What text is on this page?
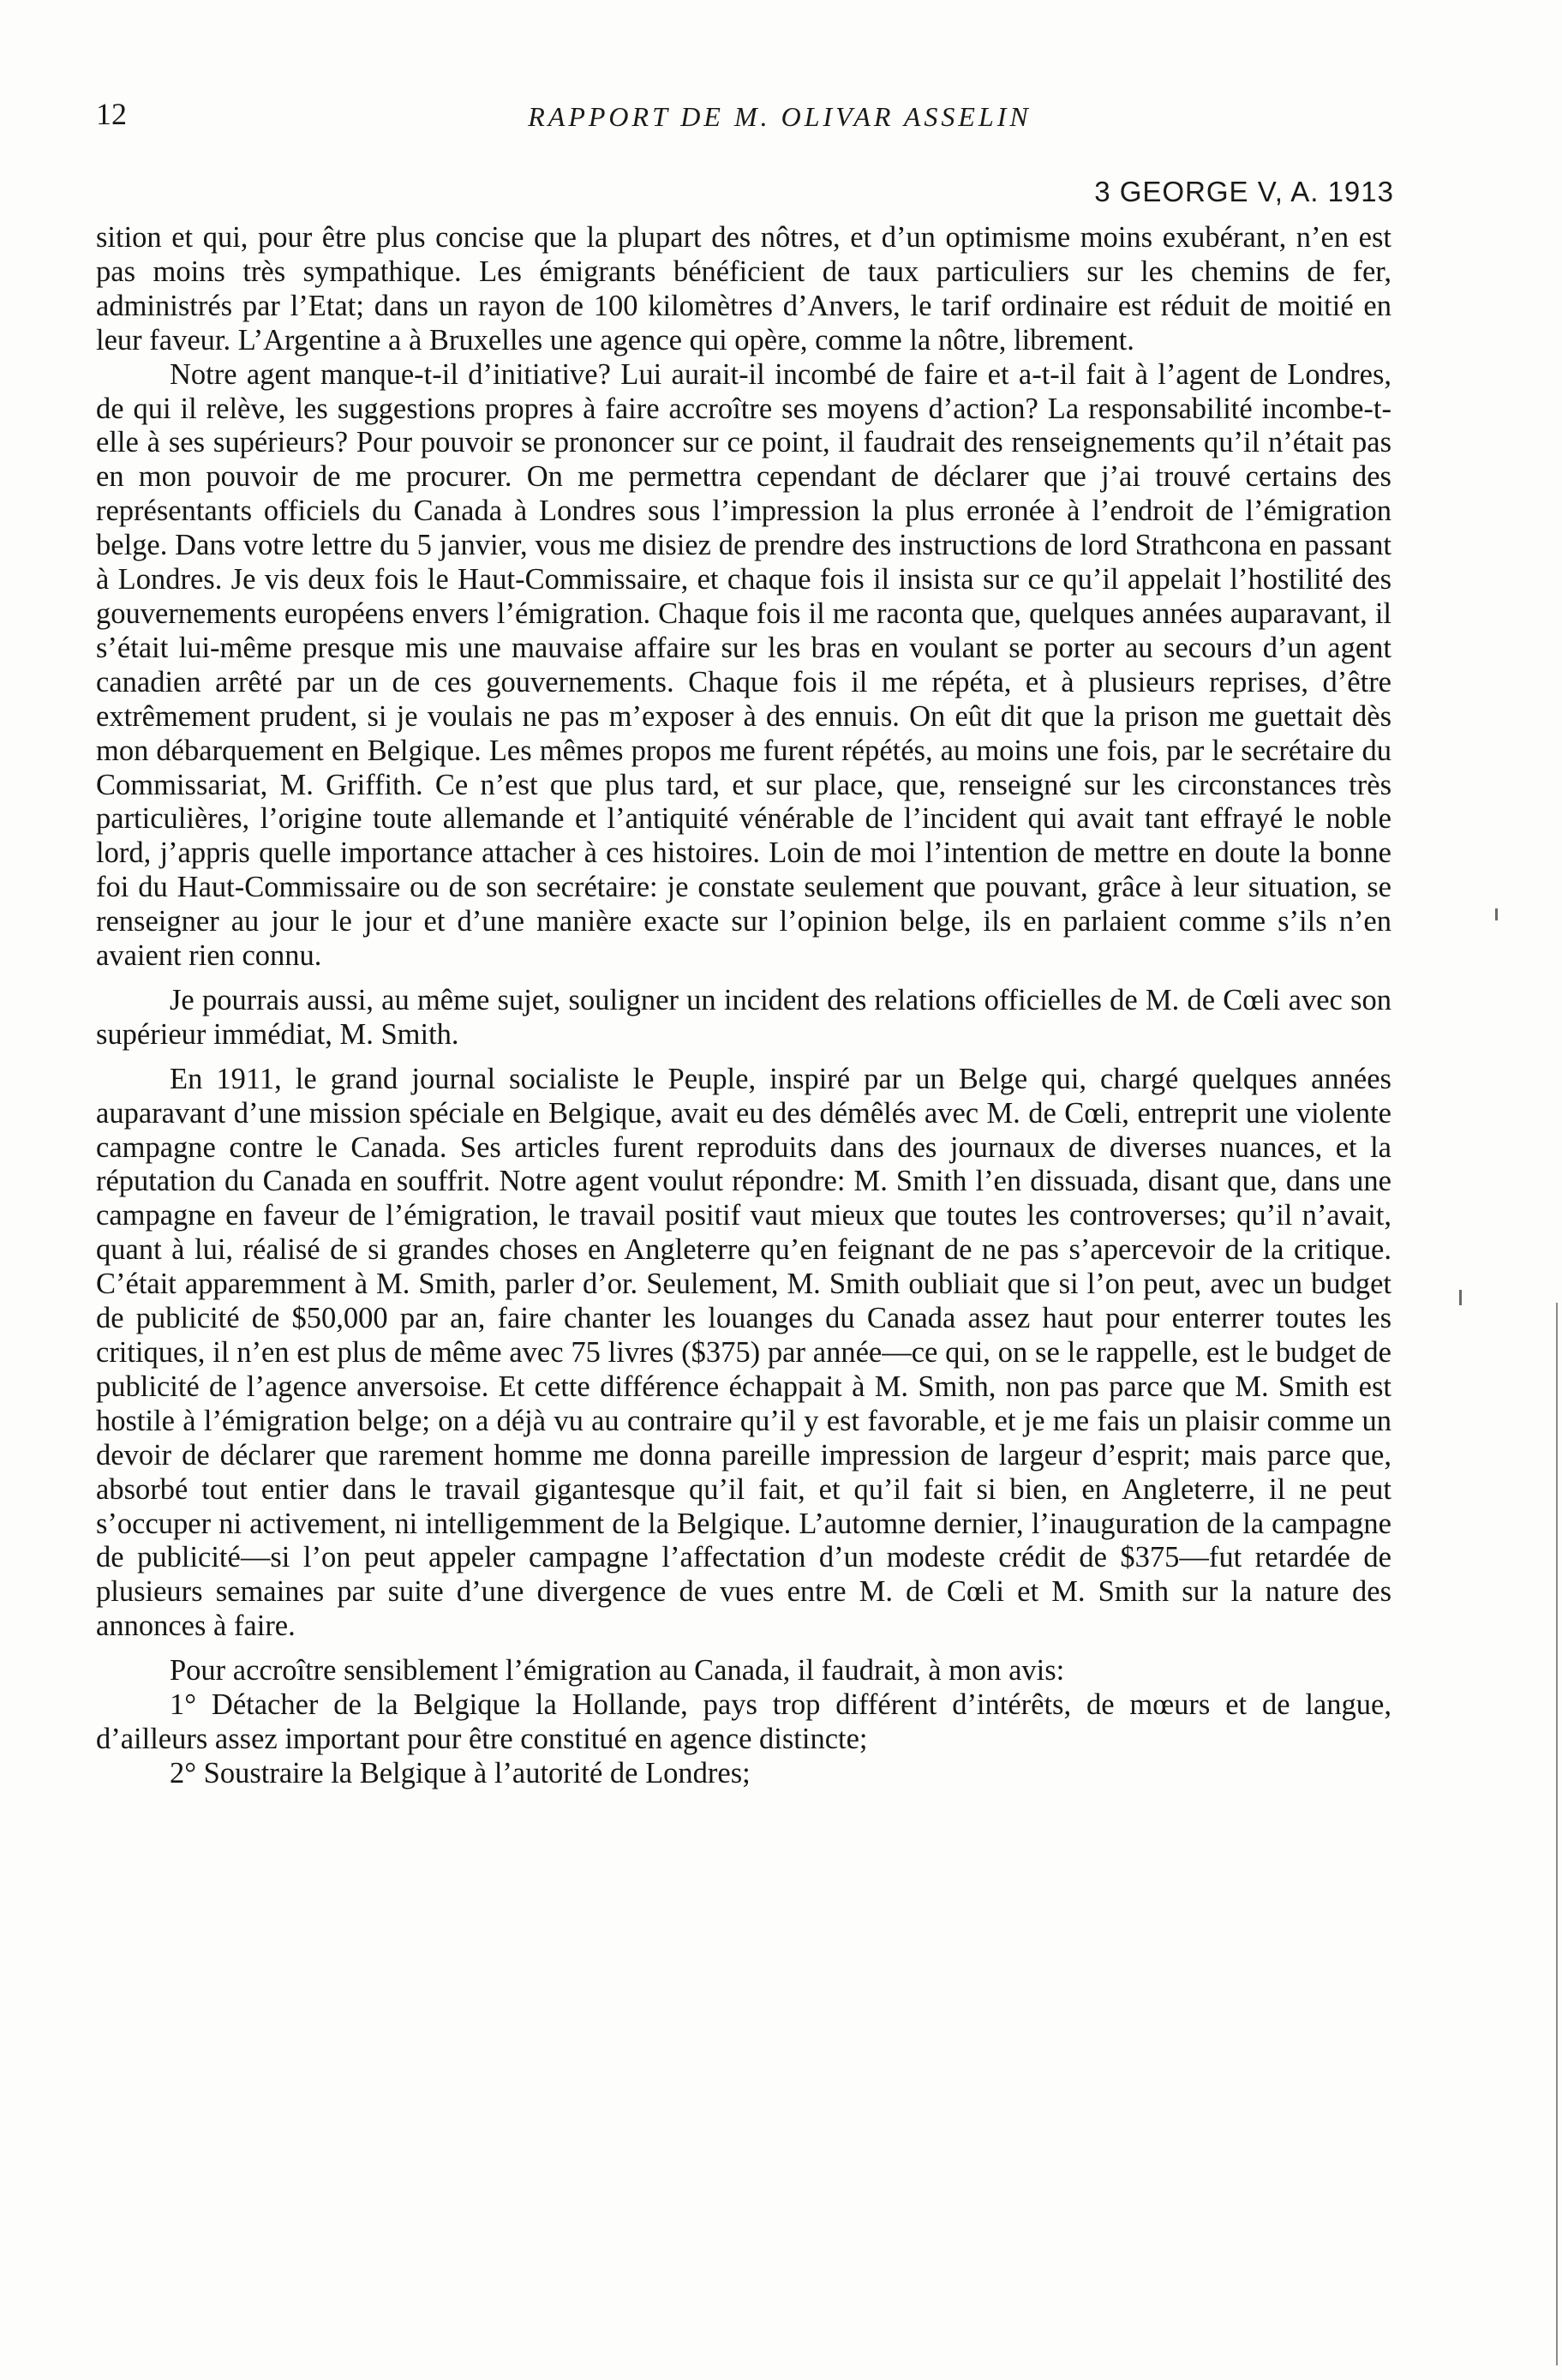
12	RAPPORT DE M. OLIVAR ASSELIN
3 GEORGE V, A. 1913

sition et qui, pour être plus concise que la plupart des nôtres, et d’un optimisme moins exubérant, n’en est pas moins très sympathique. Les émigrants bénéficient de taux particuliers sur les chemins de fer, administrés par l’Etat; dans un rayon de 100 kilomètres d’Anvers, le tarif ordinaire est réduit de moitié en leur faveur. L’Argentine a à Bruxelles une agence qui opère, comme la nôtre, librement.

Notre agent manque-t-il d’initiative? Lui aurait-il incombé de faire et a-t-il fait à l’agent de Londres, de qui il relève, les suggestions propres à faire accroître ses moyens d’action? La responsabilité incombe-t-elle à ses supérieurs? Pour pouvoir se prononcer sur ce point, il faudrait des renseignements qu’il n’était pas en mon pouvoir de me procurer. On me permettra cependant de déclarer que j’ai trouvé certains des représentants officiels du Canada à Londres sous l’impression la plus erronée à l’endroit de l’émigration belge. Dans votre lettre du 5 janvier, vous me disiez de prendre des instructions de lord Strathcona en passant à Londres. Je vis deux fois le Haut-Commissaire, et chaque fois il insista sur ce qu’il appelait l’hostilité des gouvernements européens envers l’émigration. Chaque fois il me raconta que, quelques années auparavant, il s’était lui-même presque mis une mauvaise affaire sur les bras en voulant se porter au secours d’un agent canadien arrêté par un de ces gouvernements. Chaque fois il me répéta, et à plusieurs reprises, d’être extrêmement prudent, si je voulais ne pas m’exposer à des ennuis. On eût dit que la prison me guettait dès mon débarquement en Belgique. Les mêmes propos me furent répétés, au moins une fois, par le secrétaire du Commissariat, M. Griffith. Ce n’est que plus tard, et sur place, que, renseigné sur les circonstances très particulières, l’origine toute allemande et l’antiquité vénérable de l’incident qui avait tant effrayé le noble lord, j’appris quelle importance attacher à ces histoires. Loin de moi l’intention de mettre en doute la bonne foi du Haut-Commissaire ou de son secrétaire: je constate seulement que pouvant, grâce à leur situation, se renseigner au jour le jour et d’une manière exacte sur l’opinion belge, ils en parlaient comme s’ils n’en avaient rien connu.

Je pourrais aussi, au même sujet, souligner un incident des relations officielles de M. de Cœli avec son supérieur immédiat, M. Smith.

En 1911, le grand journal socialiste le Peuple, inspiré par un Belge qui, chargé quelques années auparavant d’une mission spéciale en Belgique, avait eu des démêlés avec M. de Cœli, entreprit une violente campagne contre le Canada. Ses articles furent reproduits dans des journaux de diverses nuances, et la réputation du Canada en souffrit. Notre agent voulut répondre: M. Smith l’en dissuada, disant que, dans une campagne en faveur de l’émigration, le travail positif vaut mieux que toutes les controverses; qu’il n’avait, quant à lui, réalisé de si grandes choses en Angleterre qu’en feignant de ne pas s’apercevoir de la critique. C’était apparemment à M. Smith, parler d’or. Seulement, M. Smith oubliait que si l’on peut, avec un budget de publicité de $50,000 par an, faire chanter les louanges du Canada assez haut pour enterrer toutes les critiques, il n’en est plus de même avec 75 livres ($375) par année—ce qui, on se le rappelle, est le budget de publicité de l’agence anversoise. Et cette différence échappait à M. Smith, non pas parce que M. Smith est hostile à l’émigration belge; on a déjà vu au contraire qu’il y est favorable, et je me fais un plaisir comme un devoir de déclarer que rarement homme me donna pareille impression de largeur d’esprit; mais parce que, absorbé tout entier dans le travail gigantesque qu’il fait, et qu’il fait si bien, en Angleterre, il ne peut s’occuper ni activement, ni intelligemment de la Belgique. L’automne dernier, l’inauguration de la campagne de publicité—si l’on peut appeler campagne l’affectation d’un modeste crédit de $375—fut retardée de plusieurs semaines par suite d’une divergence de vues entre M. de Cœli et M. Smith sur la nature des annonces à faire.

Pour accroître sensiblement l’émigration au Canada, il faudrait, à mon avis:

1° Détacher de la Belgique la Hollande, pays trop différent d’intérêts, de mœurs et de langue, d’ailleurs assez important pour être constitué en agence distincte;

2° Soustraire la Belgique à l’autorité de Londres;
